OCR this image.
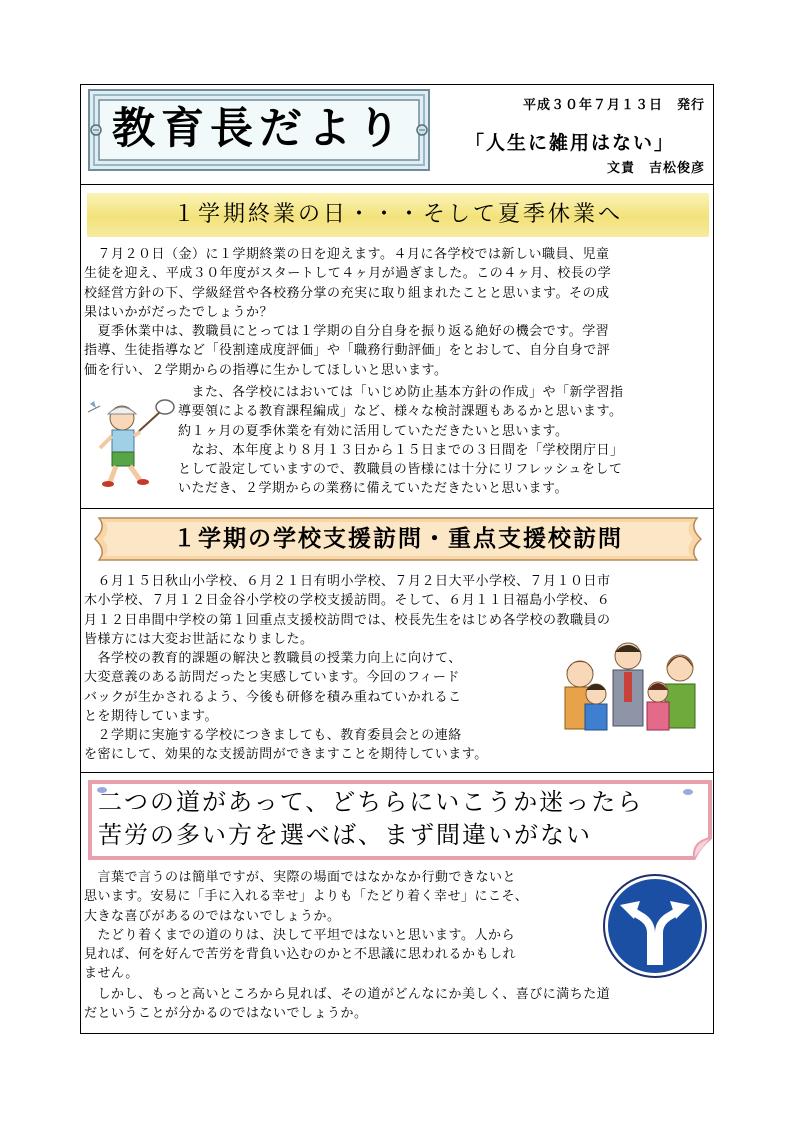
教育長だより	平成３０年７月１３日　発行
「人生に雑用はない」
文責　吉松俊彦
１学期終業の日・・・そして夏季休業へ

　７月２０日（金）に１学期終業の日を迎えます。４月に各学校では新しい職員、児童
生徒を迎え、平成３０年度がスタートして４ヶ月が過ぎました。この４ヶ月、校長の学
校経営方針の下、学級経営や各校務分掌の充実に取り組まれたことと思います。その成
果はいかがだったでしょうか？

　夏季休業中は、教職員にとっては１学期の自分自身を振り返る絶好の機会です。学習
指導、生徒指導など「役割達成度評価」や「職務行動評価」をとおして、自分自身で評
価を行い、２学期からの指導に生かしてほしいと思います。

　また、各学校にはおいては「いじめ防止基本方針の作成」や「新学習指
導要領による教育課程編成」など、様々な検討課題もあるかと思います。
約１ヶ月の夏季休業を有効に活用していただきたいと思います。
　なお、本年度より８月１３日から１５日までの３日間を「学校閉庁日」
として設定していますので、教職員の皆様には十分にリフレッシュをして
いただき、２学期からの業務に備えていただきたいと思います。

１学期の学校支援訪問・重点支援校訪問

　６月１５日秋山小学校、６月２１日有明小学校、７月２日大平小学校、７月１０日市
木小学校、７月１２日金谷小学校の学校支援訪問。そして、６月１１日福島小学校、６
月１２日串間中学校の第１回重点支援校訪問では、校長先生をはじめ各学校の教職員の
皆様方には大変お世話になりました。

　各学校の教育的課題の解決と教職員の授業力向上に向けて、
大変意義のある訪問だったと実感しています。今回のフィード
バックが生かされるよう、今後も研修を積み重ねていかれるこ
とを期待しています。
　２学期に実施する学校につきましても、教育委員会との連絡
を密にして、効果的な支援訪問ができますことを期待しています。

二つの道があって、どちらにいこうか迷ったら
苦労の多い方を選べば、まず間違いがない

　言葉で言うのは簡単ですが、実際の場面ではなかなか行動できないと
思います。安易に「手に入れる幸せ」よりも「たどり着く幸せ」にこそ、
大きな喜びがあるのではないでしょうか。
　たどり着くまでの道のりは、決して平坦ではないと思います。人から
見れば、何を好んで苦労を背負い込むのかと不思議に思われるかもしれ
ません。

　しかし、もっと高いところから見れば、その道がどんなにか美しく、喜びに満ちた道
だということが分かるのではないでしょうか。
